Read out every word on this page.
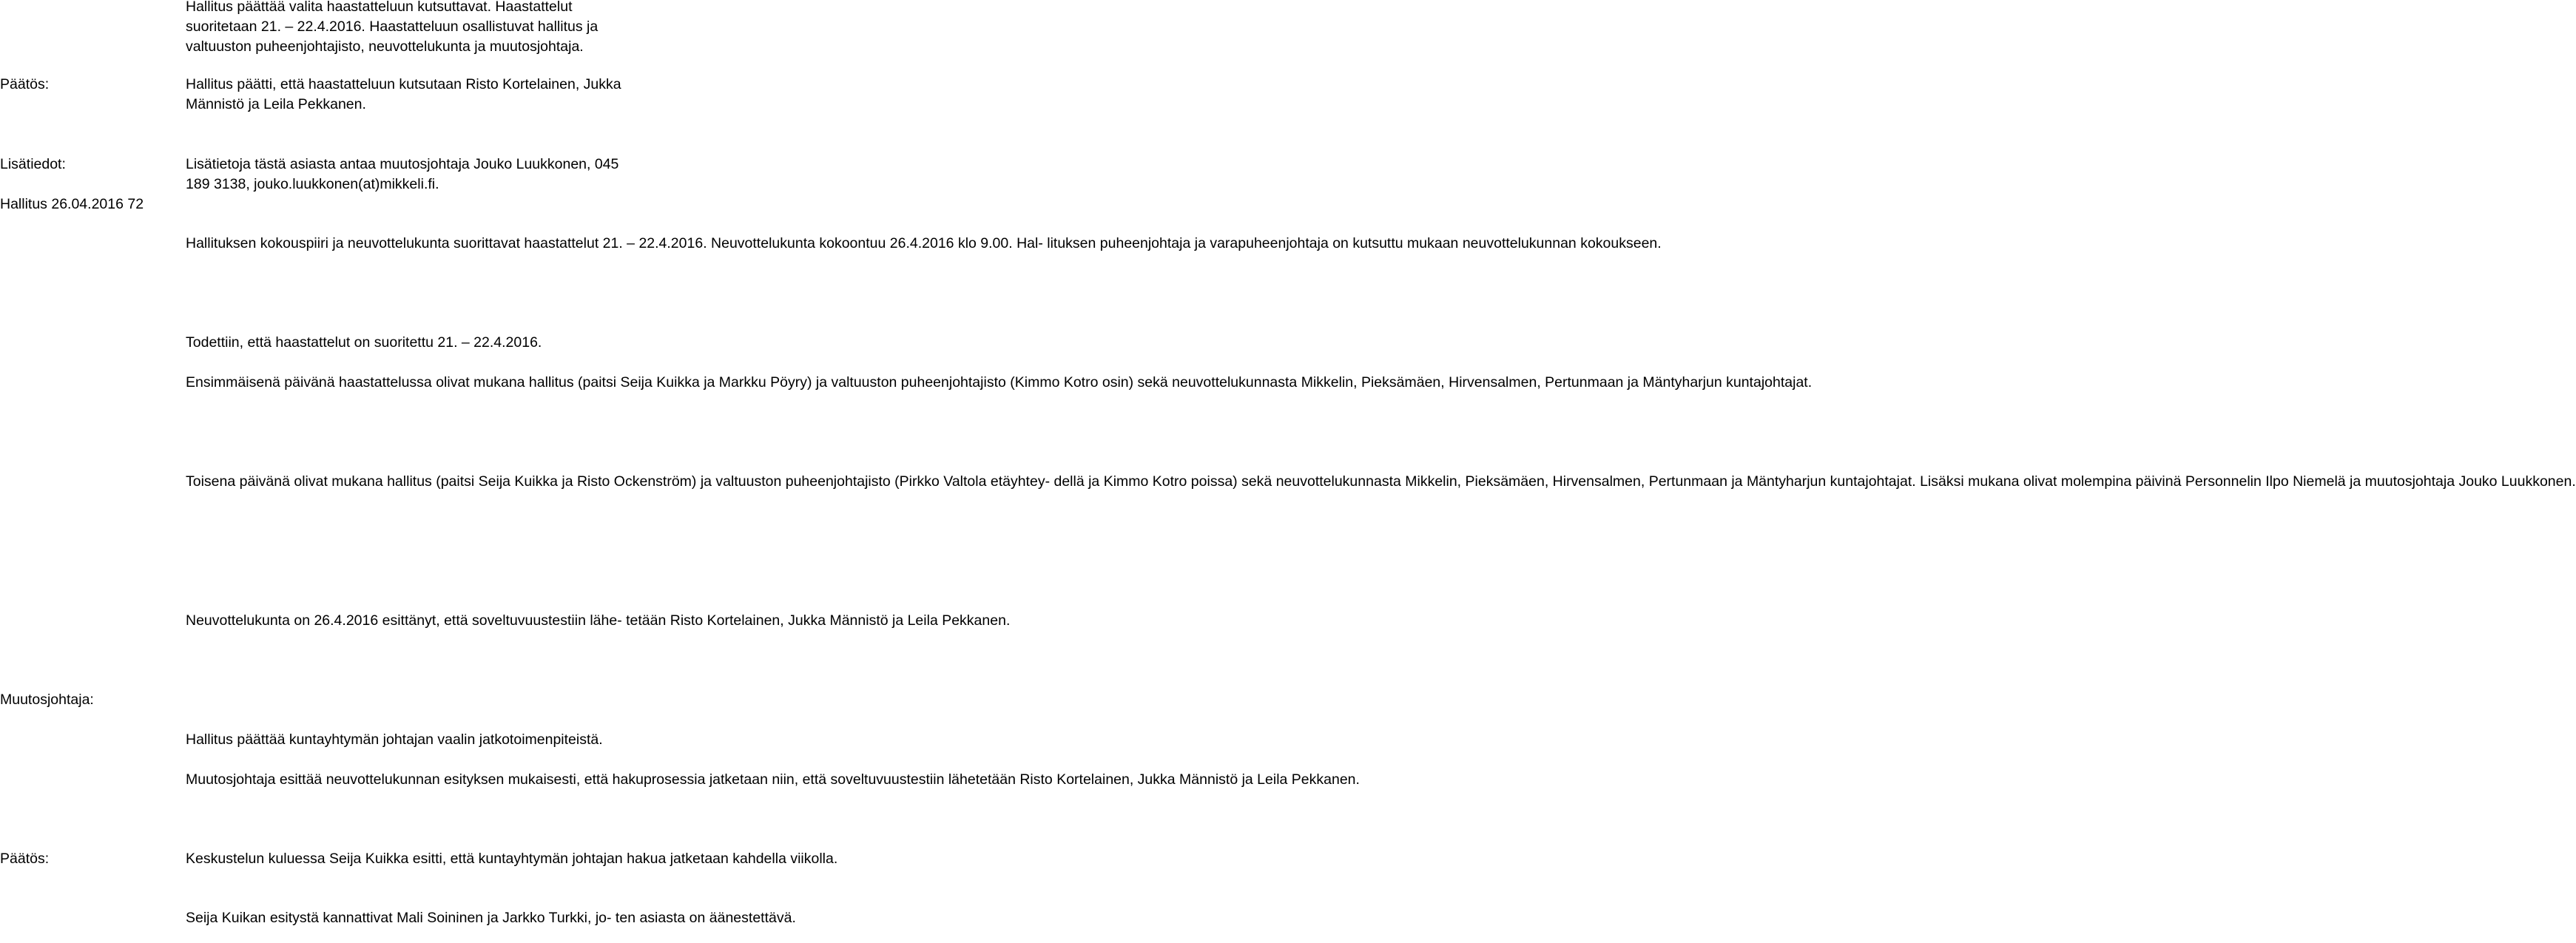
Hallitus päättää valita haastatteluun kutsuttavat. Haastattelut
suoritetaan 21. – 22.4.2016. Haastatteluun osallistuvat hallitus ja
valtuuston puheenjohtajisto, neuvottelukunta ja muutosjohtaja.

Päätös:	Hallitus päätti, että haastatteluun kutsutaan Risto Kortelainen, Jukka
Männistö ja Leila Pekkanen.

Lisätiedot:	Lisätietoja tästä asiasta antaa muutosjohtaja Jouko Luukkonen, 045
189 3138, jouko.luukkonen(at)mikkeli.fi.

Hallitus 26.04.2016 72

Hallituksen kokouspiiri ja neuvottelukunta suorittavat haastattelut 21. – 22.4.2016. Neuvottelukunta kokoontuu 26.4.2016 klo 9.00. Hal- lituksen puheenjohtaja ja varapuheenjohtaja on kutsuttu mukaan neuvottelukunnan kokoukseen.

Todettiin, että haastattelut on suoritettu 21. – 22.4.2016.

Ensimmäisenä päivänä haastattelussa olivat mukana hallitus (paitsi Seija Kuikka ja Markku Pöyry) ja valtuuston puheenjohtajisto (Kimmo Kotro osin) sekä neuvottelukunnasta Mikkelin, Pieksämäen, Hirvensalmen, Pertunmaan ja Mäntyharjun kuntajohtajat.

Toisena päivänä olivat mukana hallitus (paitsi Seija Kuikka ja Risto Ockenström) ja valtuuston puheenjohtajisto (Pirkko Valtola etäyhtey- dellä ja Kimmo Kotro poissa) sekä neuvottelukunnasta Mikkelin, Pieksämäen, Hirvensalmen, Pertunmaan ja Mäntyharjun kuntajohtajat. Lisäksi mukana olivat molempina päivinä Personnelin Ilpo Niemelä ja muutosjohtaja Jouko Luukkonen.

Neuvottelukunta on 26.4.2016 esittänyt, että soveltuvuustestiin lähe- tetään Risto Kortelainen, Jukka Männistö ja Leila Pekkanen.

Muutosjohtaja:

Hallitus päättää kuntayhtymän johtajan vaalin jatkotoimenpiteistä.

Muutosjohtaja esittää neuvottelukunnan esityksen mukaisesti, että hakuprosessia jatketaan niin, että soveltuvuustestiin lähetetään Risto Kortelainen, Jukka Männistö ja Leila Pekkanen.

Päätös:	Keskustelun kuluessa Seija Kuikka esitti, että kuntayhtymän johtajan hakua jatketaan kahdella viikolla.

Seija Kuikan esitystä kannattivat Mali Soininen ja Jarkko Turkki, jo- ten asiasta on äänestettävä.
